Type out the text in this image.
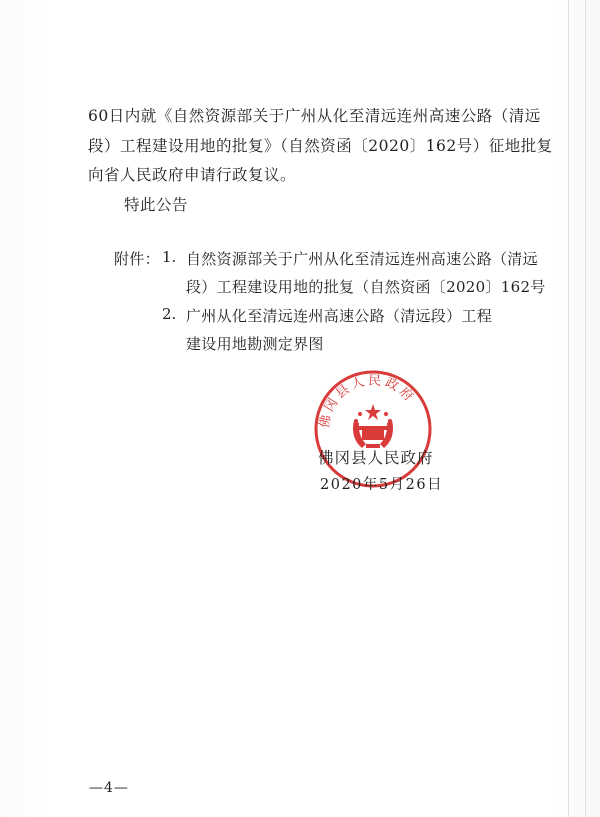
60日内就《自然资源部关于广州从化至清远连州高速公路（清远
段）工程建设用地的批复》（自然资函〔2020〕162号）征地批复
向省人民政府申请行政复议。
特此公告
附件： 1. 自然资源部关于广州从化至清远连州高速公路（清远
段）工程建设用地的批复（自然资函〔2020〕162号
2. 广州从化至清远连州高速公路（清远段）工程
建设用地勘测定界图
佛冈县人民政府
佛冈县人民政府
2020年5月26日
—4—
